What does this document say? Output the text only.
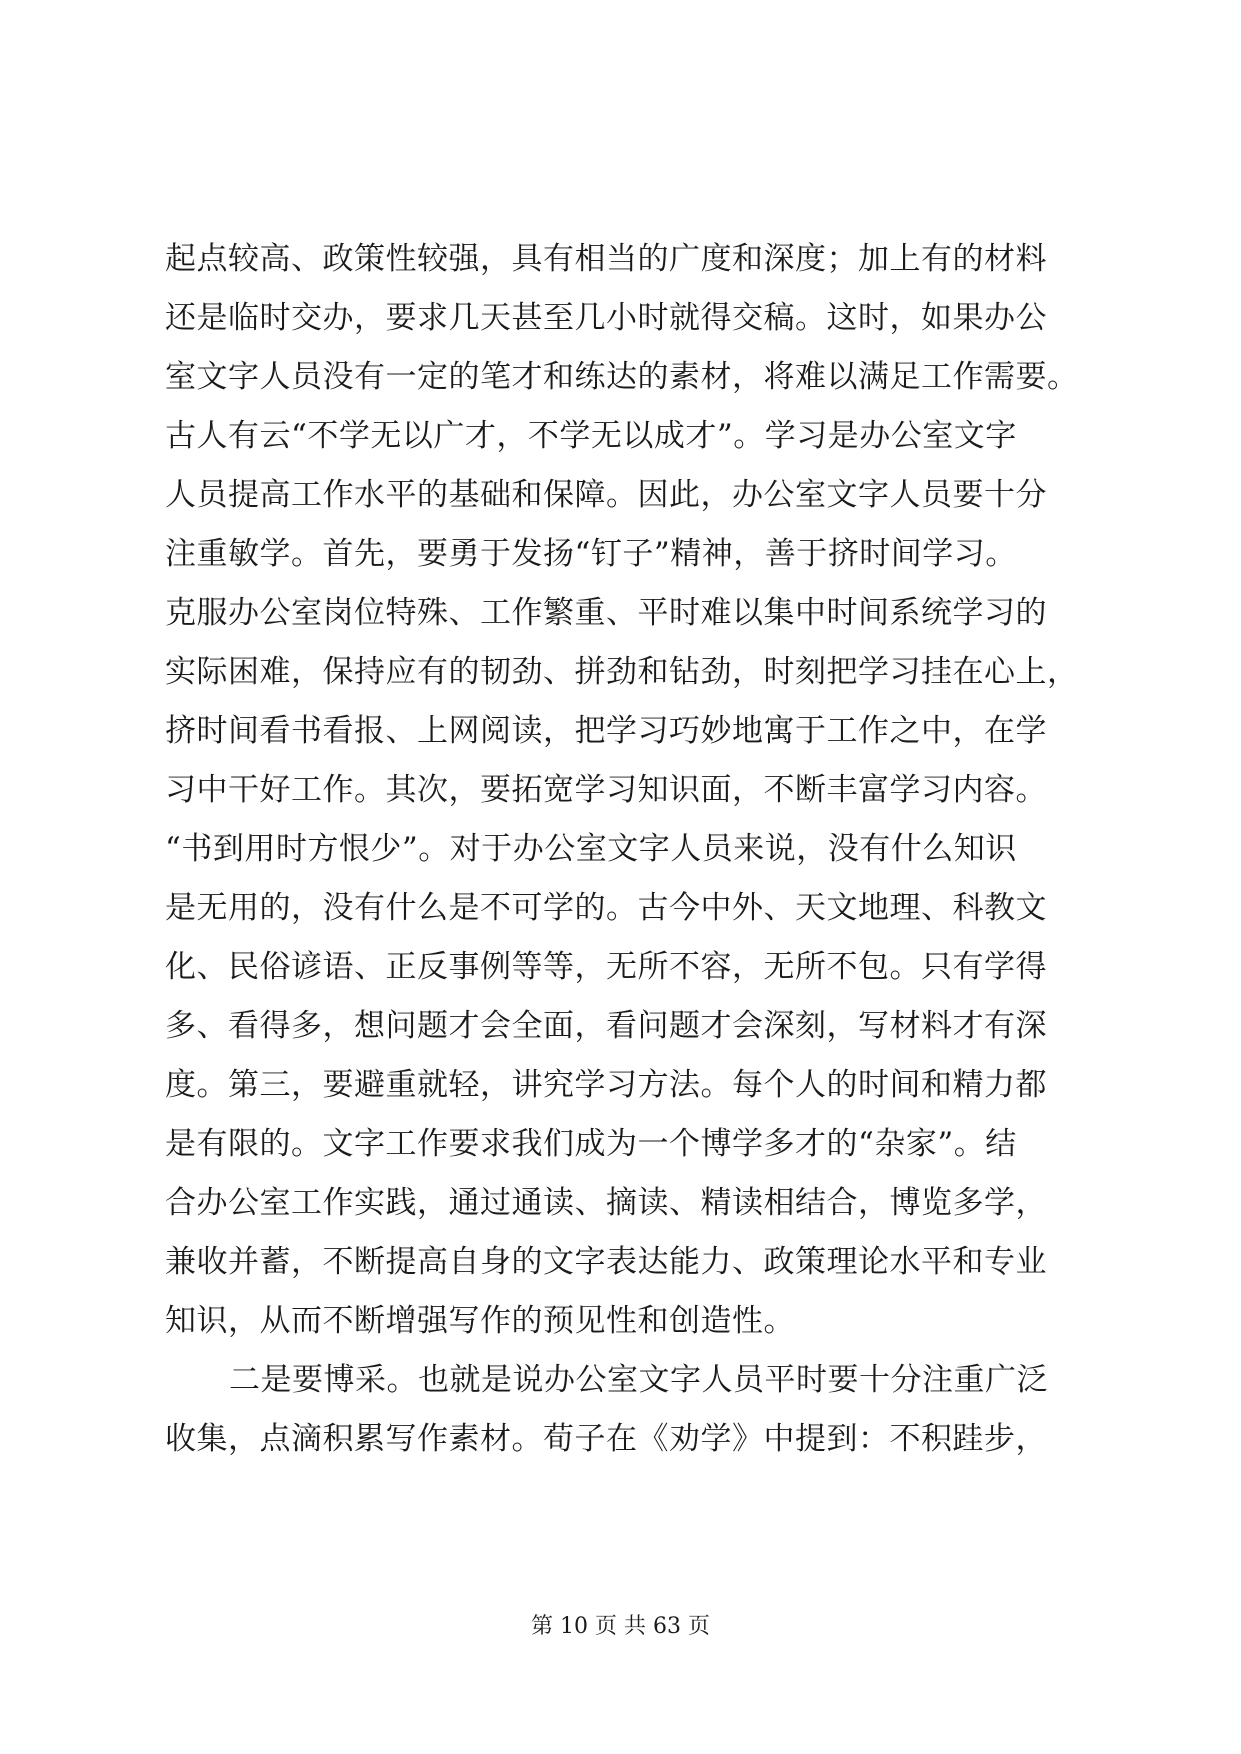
起点较高、政策性较强，具有相当的广度和深度；加上有的材料
还是临时交办，要求几天甚至几小时就得交稿。这时，如果办公
室文字人员没有一定的笔才和练达的素材，将难以满足工作需要。
古人有云“不学无以广才，不学无以成才”。学习是办公室文字
人员提高工作水平的基础和保障。因此，办公室文字人员要十分
注重敏学。首先，要勇于发扬“钉子”精神，善于挤时间学习。
克服办公室岗位特殊、工作繁重、平时难以集中时间系统学习的
实际困难，保持应有的韧劲、拼劲和钻劲，时刻把学习挂在心上，
挤时间看书看报、上网阅读，把学习巧妙地寓于工作之中，在学
习中干好工作。其次，要拓宽学习知识面，不断丰富学习内容。
“书到用时方恨少”。对于办公室文字人员来说，没有什么知识
是无用的，没有什么是不可学的。古今中外、天文地理、科教文
化、民俗谚语、正反事例等等，无所不容，无所不包。只有学得
多、看得多，想问题才会全面，看问题才会深刻，写材料才有深
度。第三，要避重就轻，讲究学习方法。每个人的时间和精力都
是有限的。文字工作要求我们成为一个博学多才的“杂家”。结
合办公室工作实践，通过通读、摘读、精读相结合，博览多学，
兼收并蓄，不断提高自身的文字表达能力、政策理论水平和专业
知识，从而不断增强写作的预见性和创造性。
二是要博采。也就是说办公室文字人员平时要十分注重广泛
收集，点滴积累写作素材。荀子在《劝学》中提到：不积跬步，
第 10 页 共 63 页
